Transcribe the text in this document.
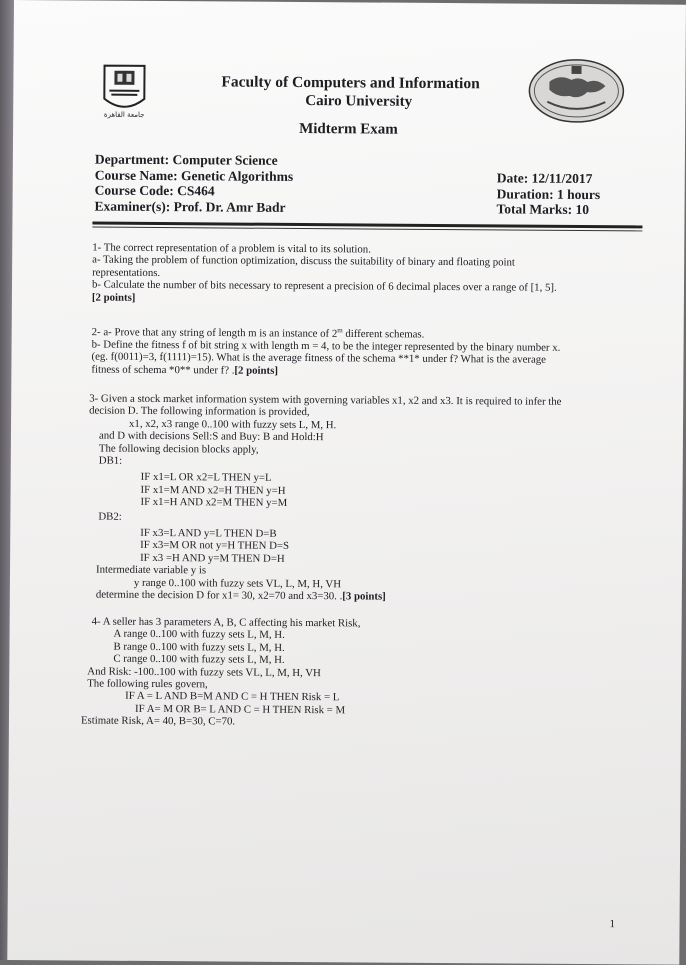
جامعة القاهرة
Faculty of Computers and Information
Cairo University
Midterm Exam
Department: Computer Science
Course Name: Genetic Algorithms
Course Code: CS464
Examiner(s): Prof. Dr. Amr Badr
Date: 12/11/2017
Duration: 1 hours
Total Marks: 10
1- The correct representation of a problem is vital to its solution.
a- Taking the problem of function optimization, discuss the suitability of binary and floating point
representations.
b- Calculate the number of bits necessary to represent a precision of 6 decimal places over a range of [1, 5].
[2 points]
2- a- Prove that any string of length m is an instance of 2$^m$ different schemas.
b- Define the fitness f of bit string x with length m = 4, to be the integer represented by the binary number x.
(eg. f(0011)=3, f(1111)=15). What is the average fitness of the schema **1* under f? What is the average
fitness of schema *0** under f? .[2 points]
3- Given a stock market information system with governing variables x1, x2 and x3. It is required to infer the
decision D. The following information is provided,
x1, x2, x3 range 0..100 with fuzzy sets L, M, H.
and D with decisions Sell:S and Buy: B and Hold:H
The following decision blocks apply,
DB1:
IF x1=L OR x2=L THEN y=L
IF x1=M AND x2=H THEN y=H
IF x1=H AND x2=M THEN y=M
DB2:
IF x3=L AND y=L THEN D=B
IF x3=M OR not y=H THEN D=S
IF x3 =H AND y=M THEN D=H
Intermediate variable y is
y range 0..100 with fuzzy sets VL, L, M, H, VH
determine the decision D for x1= 30, x2=70 and x3=30. .[3 points]
4- A seller has 3 parameters A, B, C affecting his market Risk,
A range 0..100 with fuzzy sets L, M, H.
B range 0..100 with fuzzy sets L, M, H.
C range 0..100 with fuzzy sets L, M, H.
And Risk: -100..100 with fuzzy sets VL, L, M, H, VH
The following rules govern,
IF A = L AND B=M AND C = H THEN Risk = L
IF A= M OR B= L AND C = H THEN Risk = M
Estimate Risk, A= 40, B=30, C=70.
1
